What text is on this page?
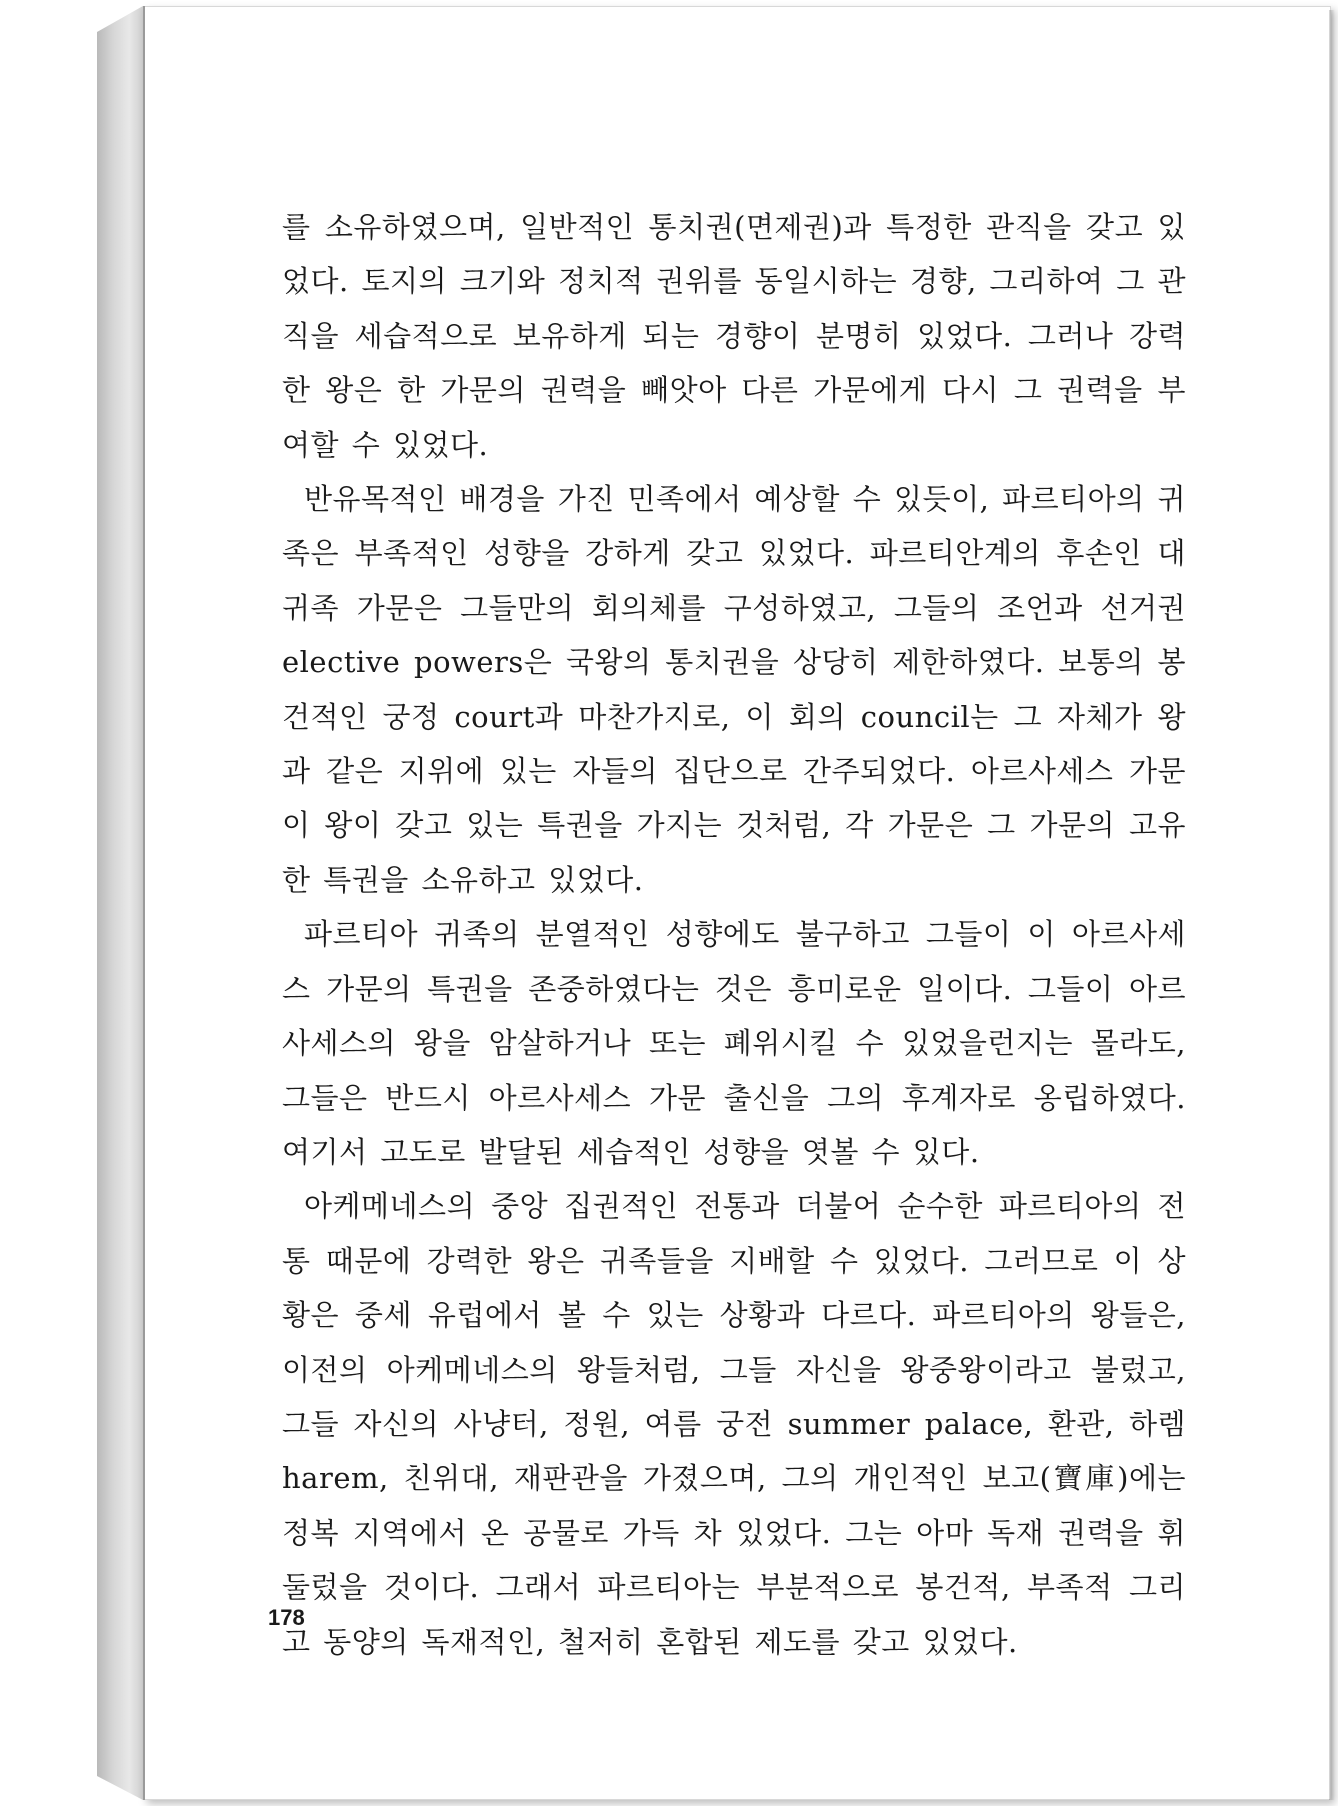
를 소유하였으며, 일반적인 통치권(면제권)과 특정한 관직을 갖고 있었다. 토지의 크기와 정치적 권위를 동일시하는 경향, 그리하여 그 관직을 세습적으로 보유하게 되는 경향이 분명히 있었다. 그러나 강력한 왕은 한 가문의 권력을 빼앗아 다른 가문에게 다시 그 권력을 부여할 수 있었다.

반유목적인 배경을 가진 민족에서 예상할 수 있듯이, 파르티아의 귀족은 부족적인 성향을 강하게 갖고 있었다. 파르티안계의 후손인 대귀족 가문은 그들만의 회의체를 구성하였고, 그들의 조언과 선거권 elective powers은 국왕의 통치권을 상당히 제한하였다. 보통의 봉건적인 궁정 court과 마찬가지로, 이 회의 council는 그 자체가 왕과 같은 지위에 있는 자들의 집단으로 간주되었다. 아르사세스 가문이 왕이 갖고 있는 특권을 가지는 것처럼, 각 가문은 그 가문의 고유한 특권을 소유하고 있었다.

파르티아 귀족의 분열적인 성향에도 불구하고 그들이 이 아르사세스 가문의 특권을 존중하였다는 것은 흥미로운 일이다. 그들이 아르사세스의 왕을 암살하거나 또는 폐위시킬 수 있었을런지는 몰라도, 그들은 반드시 아르사세스 가문 출신을 그의 후계자로 옹립하였다. 여기서 고도로 발달된 세습적인 성향을 엿볼 수 있다.

아케메네스의 중앙 집권적인 전통과 더불어 순수한 파르티아의 전통 때문에 강력한 왕은 귀족들을 지배할 수 있었다. 그러므로 이 상황은 중세 유럽에서 볼 수 있는 상황과 다르다. 파르티아의 왕들은, 이전의 아케메네스의 왕들처럼, 그들 자신을 왕중왕이라고 불렀고, 그들 자신의 사냥터, 정원, 여름 궁전 summer palace, 환관, 하렘 harem, 친위대, 재판관을 가졌으며, 그의 개인적인 보고(寶庫)에는 정복 지역에서 온 공물로 가득 차 있었다. 그는 아마 독재 권력을 휘둘렀을 것이다. 그래서 파르티아는 부분적으로 봉건적, 부족적 그리고 동양의 독재적인, 철저히 혼합된 제도를 갖고 있었다.

178
